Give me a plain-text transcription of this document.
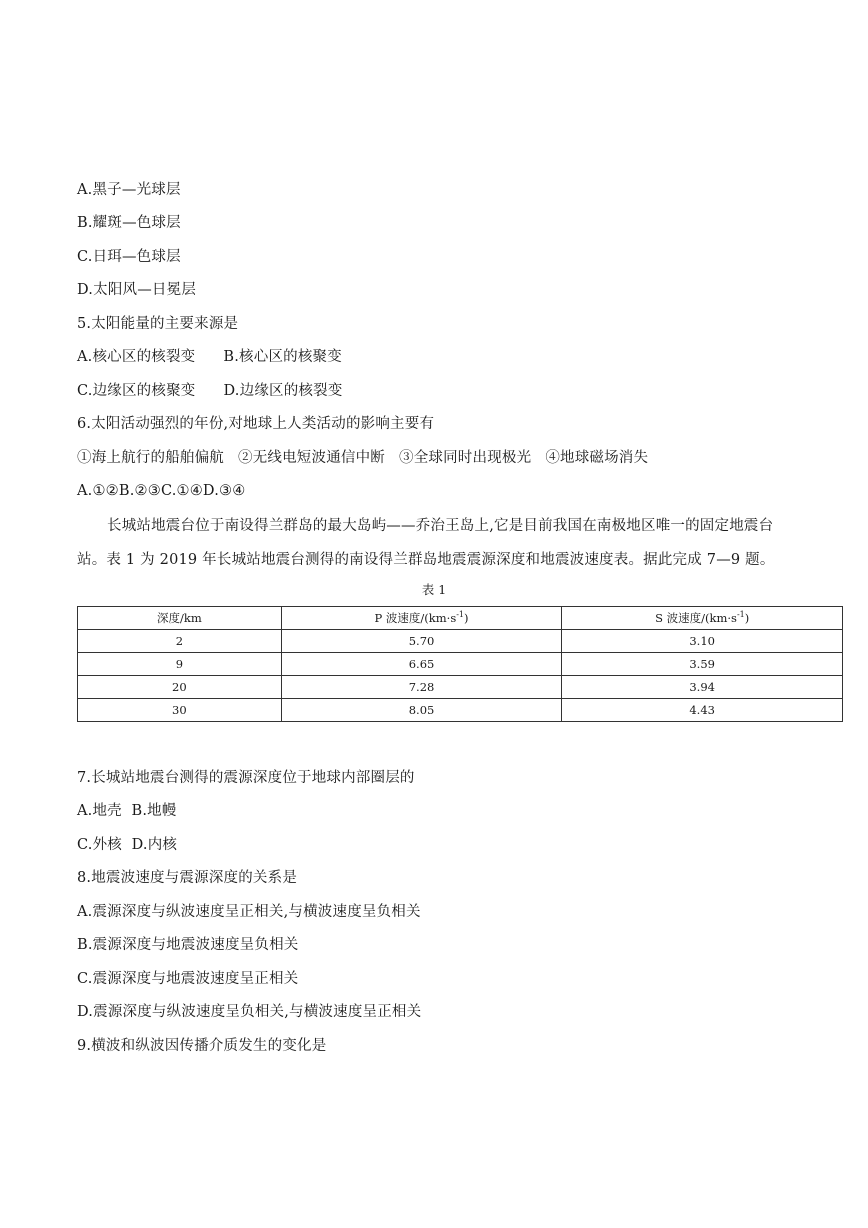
A.黑子—光球层
B.耀斑—色球层
C.日珥—色球层
D.太阳风—日冕层
5.太阳能量的主要来源是
A.核心区的核裂变 B.核心区的核聚变
C.边缘区的核聚变 D.边缘区的核裂变
6.太阳活动强烈的年份,对地球上人类活动的影响主要有
①海上航行的船舶偏航 ②无线电短波通信中断 ③全球同时出现极光 ④地球磁场消失
A.①②B.②③C.①④D.③④
长城站地震台位于南设得兰群岛的最大岛屿——乔治王岛上,它是目前我国在南极地区唯一的固定地震台站。表 1 为 2019 年长城站地震台测得的南设得兰群岛地震震源深度和地震波速度表。据此完成 7—9 题。
表 1
深度/km	P 波速度$/(km\cdot s^{-1})$	S 波速度$/(km\cdot s^{-1})$
2	5.70	3.10
9	6.65	3.59
20	7.28	3.94
30	8.05	4.43
7.长城站地震台测得的震源深度位于地球内部圈层的
A.地壳  B.地幔
C.外核  D.内核
8.地震波速度与震源深度的关系是
A.震源深度与纵波速度呈正相关,与横波速度呈负相关
B.震源深度与地震波速度呈负相关
C.震源深度与地震波速度呈正相关
D.震源深度与纵波速度呈负相关,与横波速度呈正相关
9.横波和纵波因传播介质发生的变化是
